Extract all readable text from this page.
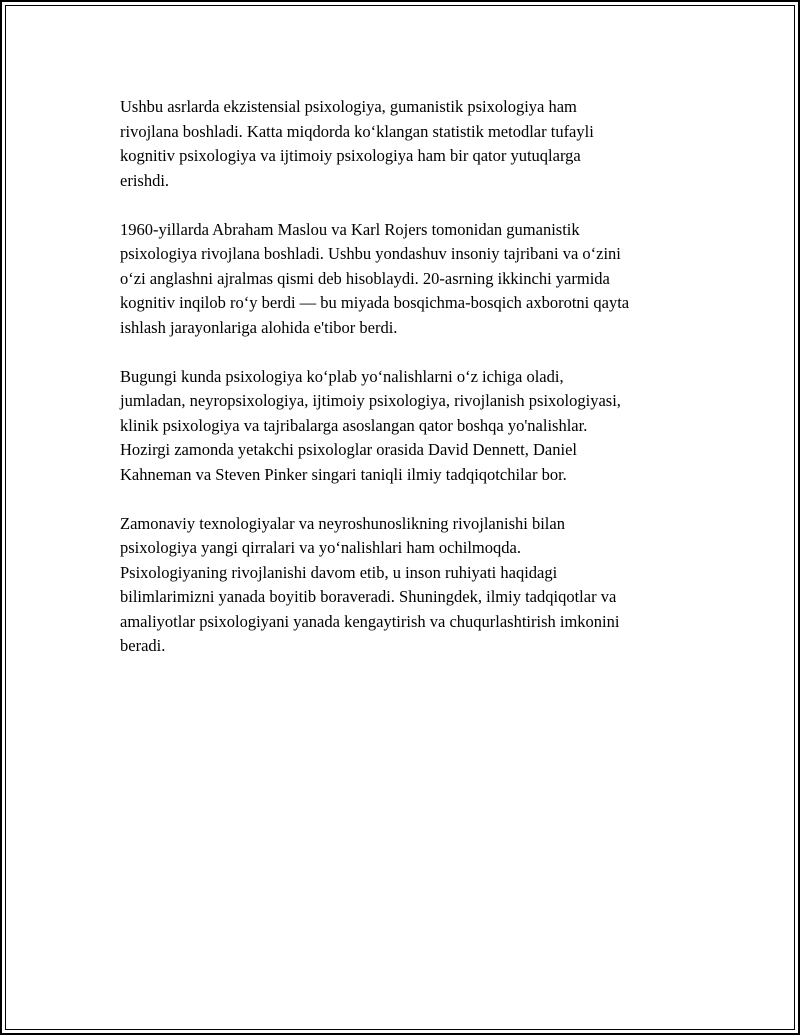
Ushbu asrlarda ekzistensial psixologiya, gumanistik psixologiya ham
rivojlana boshladi. Katta miqdorda ko‘klangan statistik metodlar tufayli
kognitiv psixologiya va ijtimoiy psixologiya ham bir qator yutuqlarga
erishdi.

1960-yillarda Abraham Maslou va Karl Rojers tomonidan gumanistik
psixologiya rivojlana boshladi. Ushbu yondashuv insoniy tajribani va o‘zini
o‘zi anglashni ajralmas qismi deb hisoblaydi. 20-asrning ikkinchi yarmida
kognitiv inqilob ro‘y berdi — bu miyada bosqichma-bosqich axborotni qayta
ishlash jarayonlariga alohida e'tibor berdi.

Bugungi kunda psixologiya ko‘plab yo‘nalishlarni o‘z ichiga oladi,
jumladan, neyropsixologiya, ijtimoiy psixologiya, rivojlanish psixologiyasi,
klinik psixologiya va tajribalarga asoslangan qator boshqa yo'nalishlar.
Hozirgi zamonda yetakchi psixologlar orasida David Dennett, Daniel
Kahneman va Steven Pinker singari taniqli ilmiy tadqiqotchilar bor.

Zamonaviy texnologiyalar va neyroshunoslikning rivojlanishi bilan
psixologiya yangi qirralari va yo‘nalishlari ham ochilmoqda.
Psixologiyaning rivojlanishi davom etib, u inson ruhiyati haqidagi
bilimlarimizni yanada boyitib boraveradi. Shuningdek, ilmiy tadqiqotlar va
amaliyotlar psixologiyani yanada kengaytirish va chuqurlashtirish imkonini
beradi.
